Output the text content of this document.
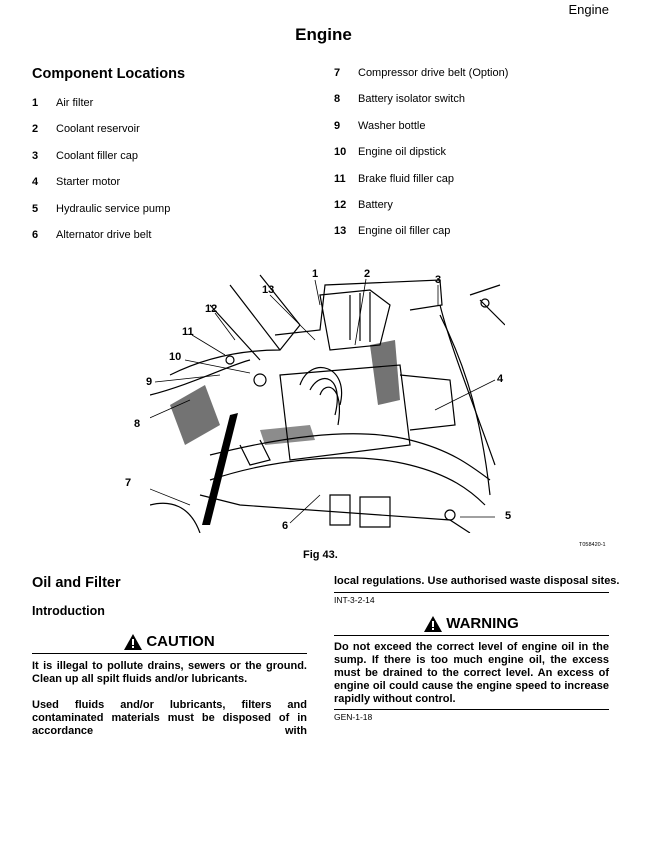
Engine
Engine
Component Locations
T058420-1
Fig 43.
Oil and Filter
Introduction
CAUTION
It is illegal to pollute drains, sewers or the ground. Clean up all spilt fluids and/or lubricants.
Used fluids and/or lubricants, filters and contaminated materials must be disposed of in accordance with
local regulations. Use authorised waste disposal sites.
INT-3-2-14
WARNING
Do not exceed the correct level of engine oil in the sump. If there is too much engine oil, the excess must be drained to the correct level. An excess of engine oil could cause the engine speed to increase rapidly without control.
GEN-1-18
1 Air filter
2 Coolant reservoir
3 Coolant filler cap
4 Starter motor
5 Hydraulic service pump
6 Alternator drive belt
7 Compressor drive belt (Option)
8 Battery isolator switch
9 Washer bottle
10 Engine oil dipstick
11 Brake fluid filler cap
12 Battery
13 Engine oil filler cap
1	2	3
4
5
6
7
8
9
10
11
12
13
